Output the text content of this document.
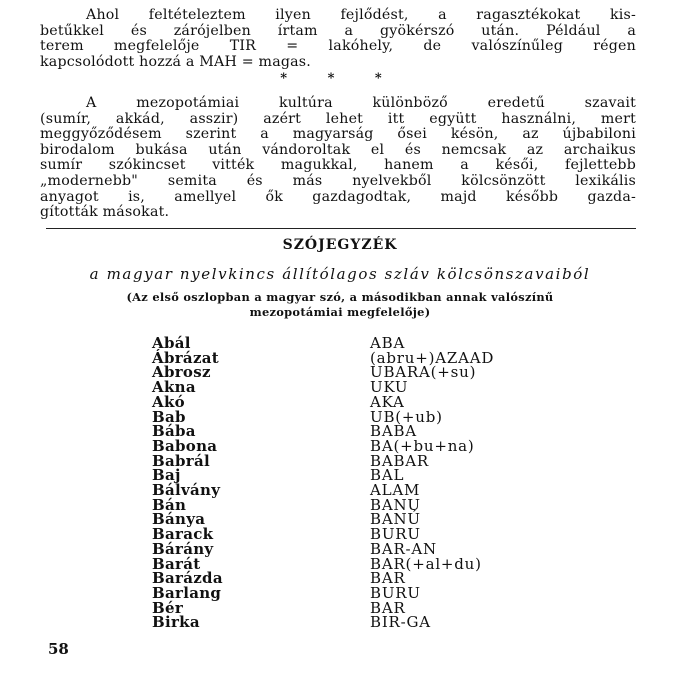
Ahol feltételeztem ilyen fejlődést, a ragasztékokat kis-
betűkkel és zárójelben írtam a gyökérszó után. Például a
terem megfelelője TIR = lakóhely, de valószínűleg régen
kapcsolódott hozzá a MAH = magas.
* * *
A mezopotámiai kultúra különböző eredetű szavait
(sumír, akkád, asszir) azért lehet itt együtt használni, mert
meggyőződésem szerint a magyarság ősei késön, az újbabiloni
birodalom bukása után vándoroltak el és nemcsak az archaikus
sumír szókincset vitték magukkal, hanem a késői, fejlettebb
„modernebb" semita és más nyelvekből kölcsönzött lexikális
anyagot is, amellyel ők gazdagodtak, majd később gazda-
gították másokat.
SZÓJEGYZÉK
a magyar nyelvkincs állítólagos szláv kölcsönszavaiból
(Az első oszlopban a magyar szó, a másodikban annak valószínű
mezopotámiai megfelelője)
Abál	ABA
Ábrázat	(abru+)AZAAD
Abrosz	UBARA(+su)
Akna	UKU
Akó	AKA
Bab	UB(+ub)
Bába	BABA
Babona	BA(+bu+na)
Babrál	BABAR
Baj	BAL
Bálvány	ALAM
Bán	BANU
Bánya	BANÚ
Barack	BURU
Bárány	BAR-AN
Barát	BAR(+al+du)
Barázda	BAR
Barlang	BURU
Bér	BAR
Birka	BIR-GA
58
